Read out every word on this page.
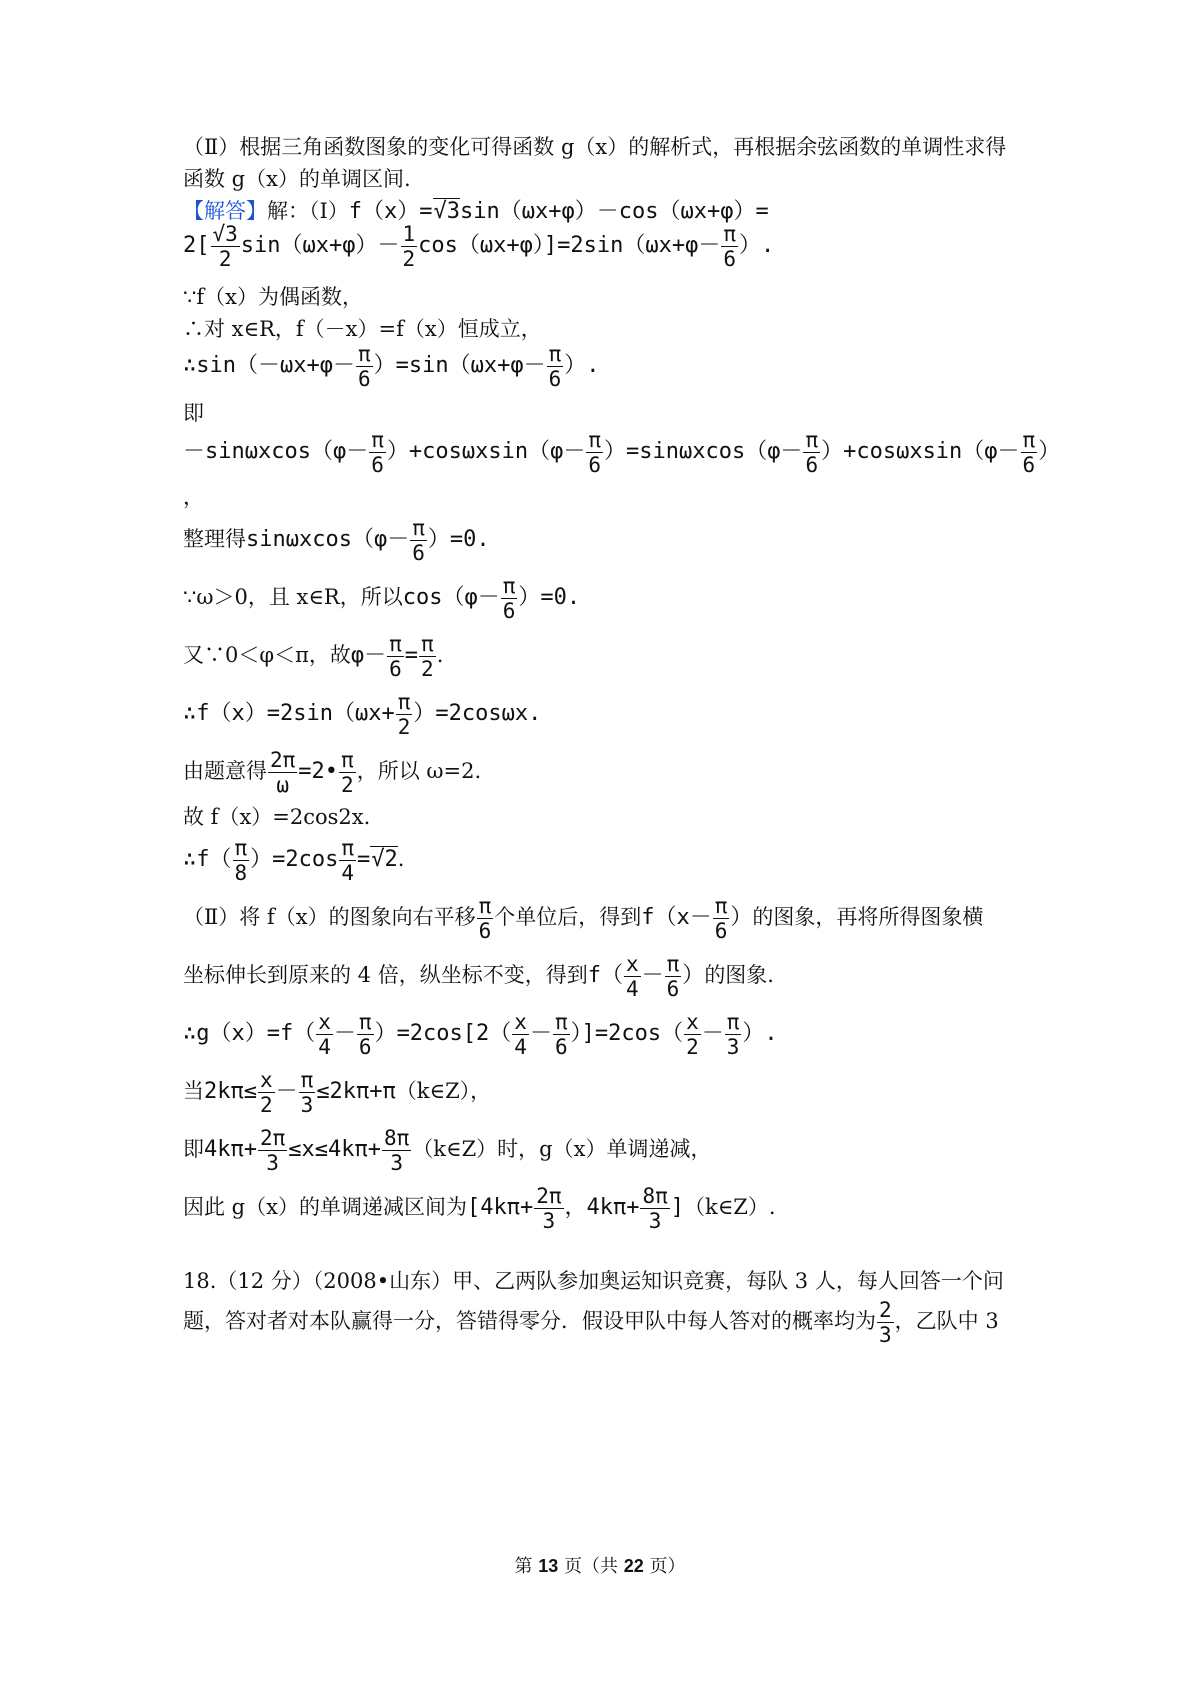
（Ⅱ）根据三角函数图象的变化可得函数 g（x）的解析式，再根据余弦函数的单调性求得
函数 g（x）的单调区间.
【解答】解：（Ⅰ）f（x）=√3sin（ωx+φ）－cos（ωx+φ）=
$2[ \frac{√3}{2} \sin(\omega x+\varphi)- \frac{1}{2} \cos(\omega x+\varphi)]=2\sin(\omega x+\varphi- \frac{\pi}{6}$ ）.
∵f（x）为偶函数，
∴对 x∈R，f（－x）=f（x）恒成立，
∴sin（－ωx+φ－ $\frac{\pi}{6} )=\sin(\omega x+\varphi- \frac{\pi}{6}$ ）.
即
$-\sin\omega xcos(\varphi- \frac{\pi}{6} )+\cos\omega xsin(\varphi- \frac{\pi}{6} )=\sin\omega xcos(\varphi- \frac{\pi}{6} )+\cos\omega xsin(\varphi- \frac{\pi}{6}$ ）
，
整理得$\sin\omega xcos(\varphi- \frac{\pi}{6} )=0$.
∵ω＞0，且 x∈R，所以$\cos(\varphi- \frac{\pi}{6} )=0$.
又∵0＜φ＜π，故$\varphi- \frac{\pi}{6} = \frac{\pi}{2}$ .
∴f（x）=2sin（ωx+ $\frac{\pi}{2} )=2\cos\omega x$.
由题意得 $\frac{2\pi}{\omega}$ =2• $\frac{\pi}{2}$ ，所以 ω=2.
故 f（x）=2cos2x.
∴f（ $\frac{\pi}{8} )=2\cos \frac{\pi}{4} =√2$.
（Ⅱ）将 f（x）的图象向右平移 $\frac{\pi}{6}$ 个单位后，得到$f(x- \frac{\pi}{6}$ ）的图象，再将所得图象横
坐标伸长到原来的 4 倍，纵坐标不变，得到$f( \frac{x}{4} - \frac{\pi}{6}$ ）的图象.
∴g（x）=f（ $\frac{x}{4} - \frac{\pi}{6} )=2\cos[2( \frac{x}{4} - \frac{\pi}{6} )]=2\cos( \frac{x}{2} - \frac{\pi}{3}$ ）.
当$2k\pi\le \frac{x}{2} - \frac{\pi}{3}$ ≤2kπ+π（k∈Z），
即$4k\pi+ \frac{2\pi}{3} \le x\le 4k\pi+ \frac{8\pi}{3}$ （k∈Z）时，g（x）单调递减，
因此 g（x）的单调递减区间为[$4k\pi+ \frac{2\pi}{3}$ ，$4k\pi+ \frac{8\pi}{3}$ ]（k∈Z）.
18.（12 分）（2008•山东）甲、乙两队参加奥运知识竞赛，每队 3 人，每人回答一个问
题，答对者对本队赢得一分，答错得零分．假设甲队中每人答对的概率均为 $\frac{2}{3}$ ，乙队中 3
第 13 页（共 22 页）
